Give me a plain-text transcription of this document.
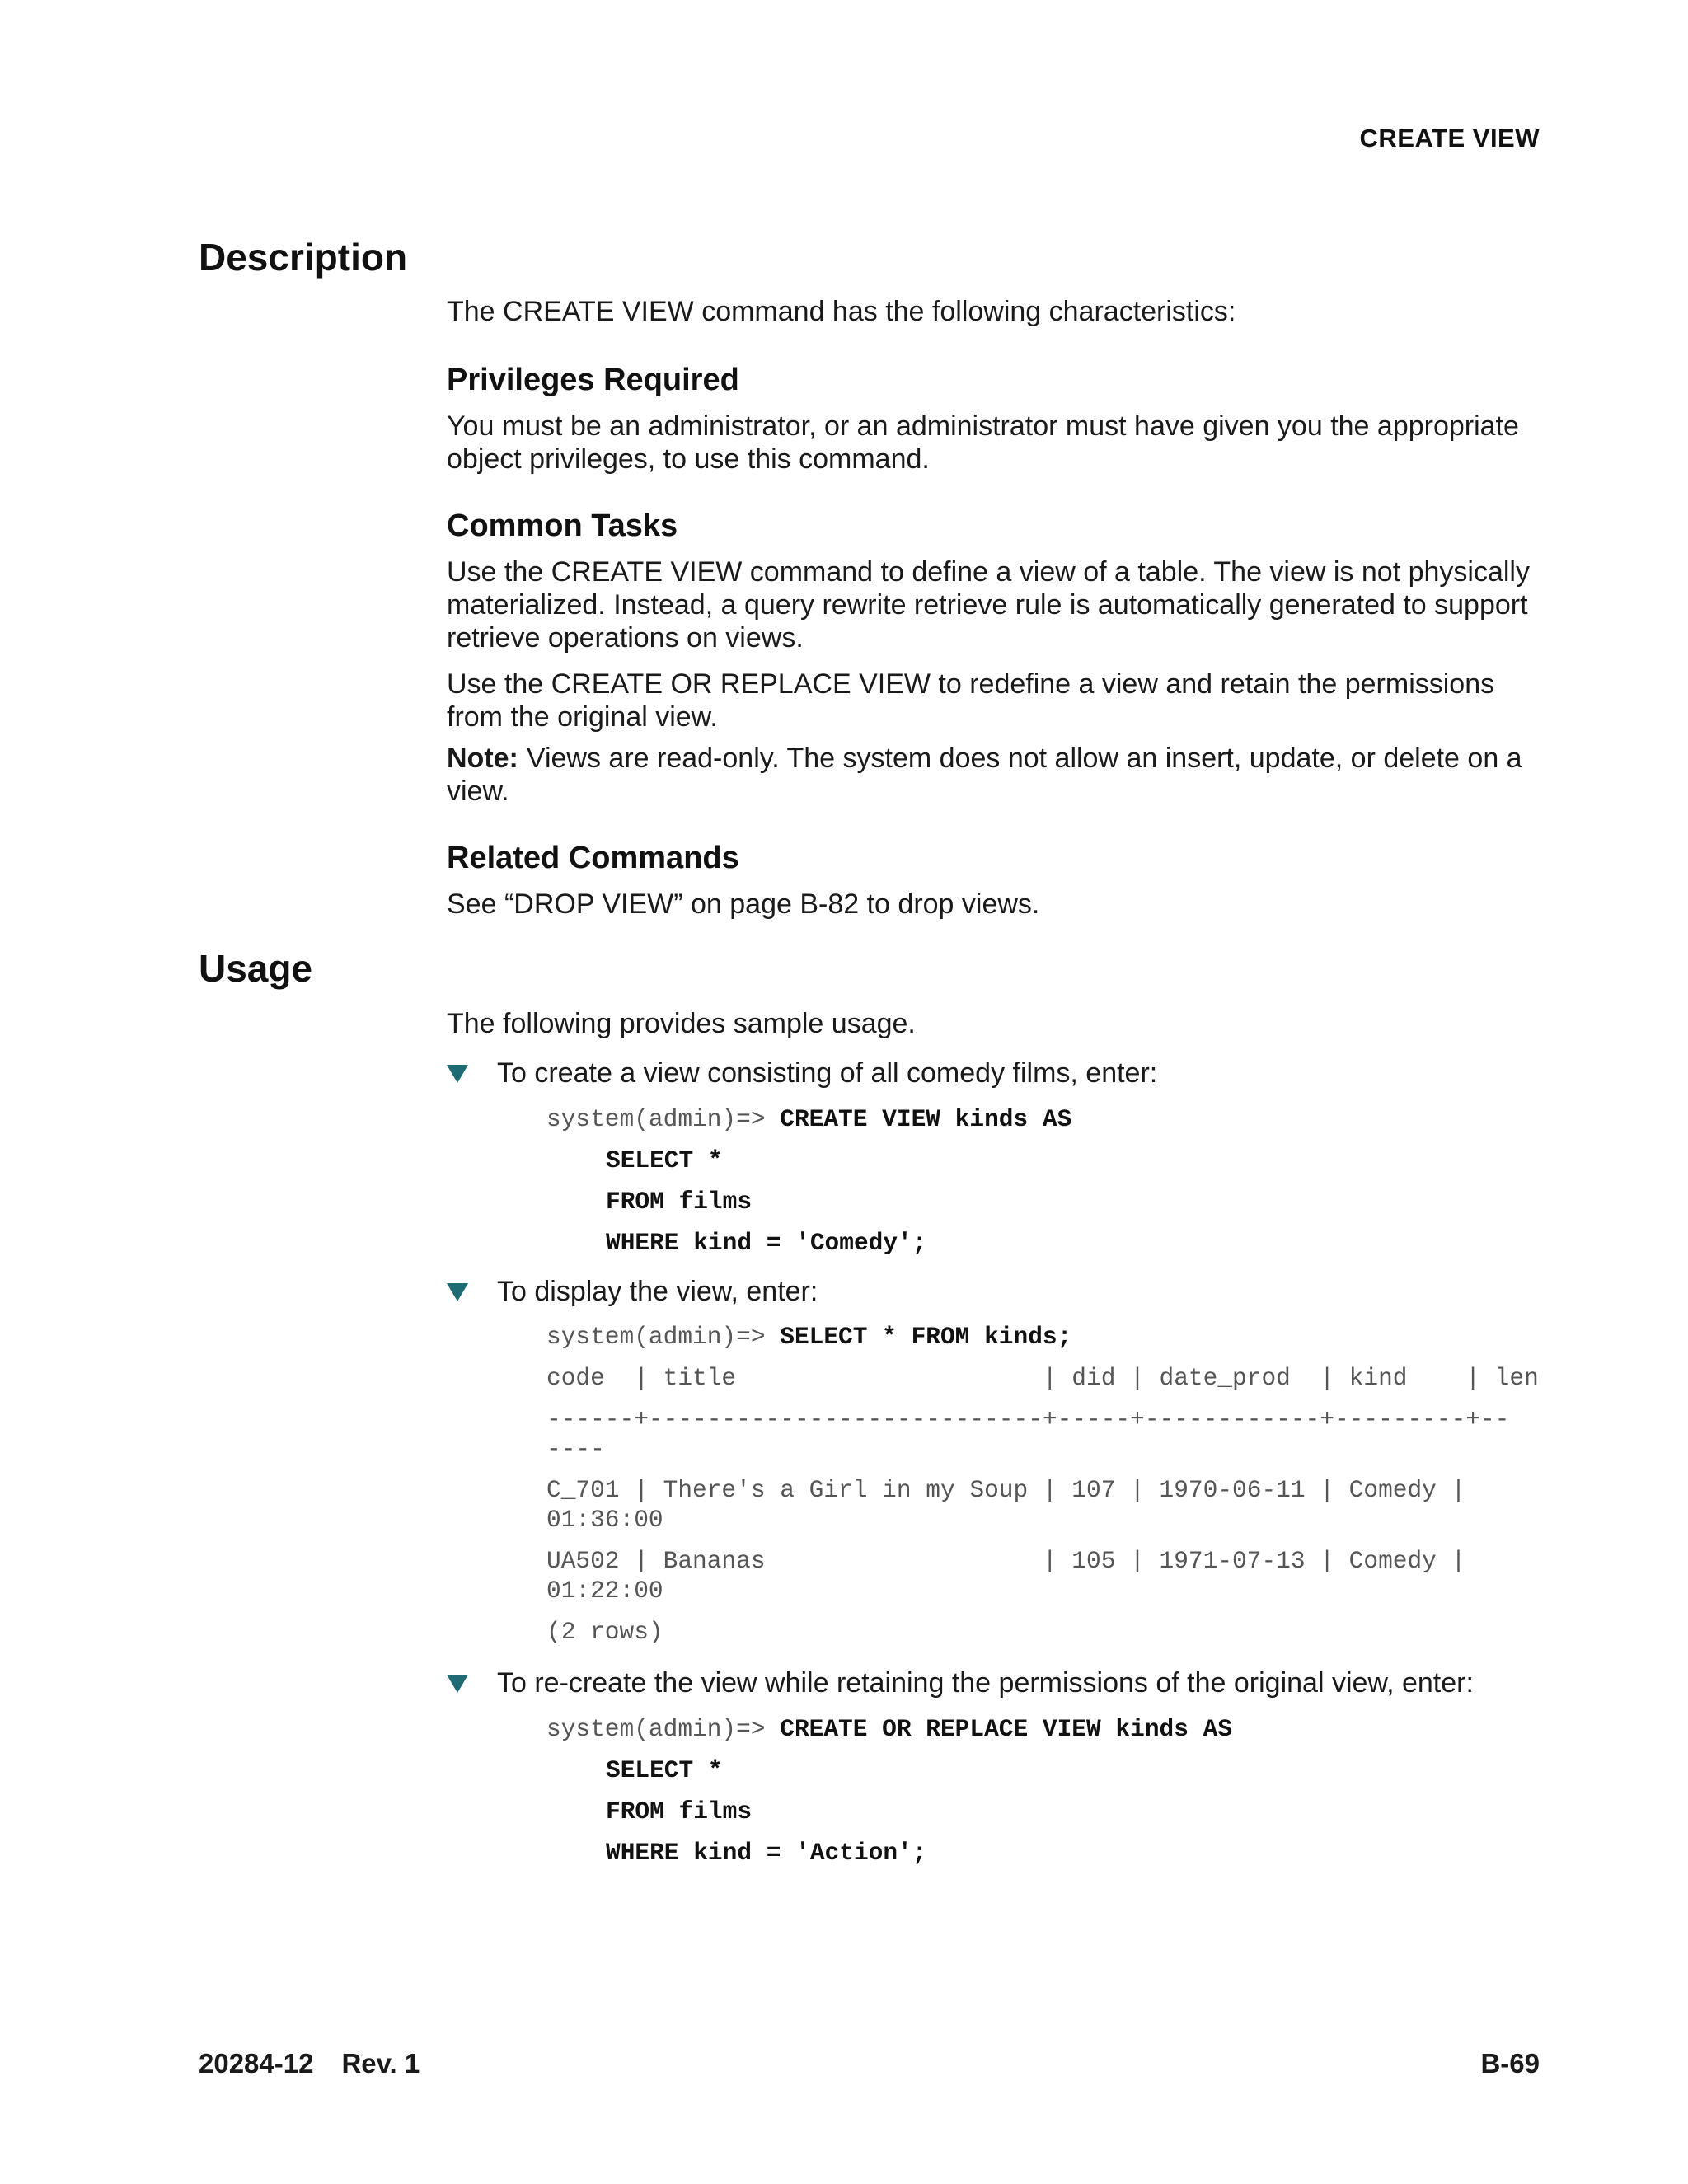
CREATE VIEW
Description

The CREATE VIEW command has the following characteristics:

Privileges Required

You must be an administrator, or an administrator must have given you the appropriate object privileges, to use this command.

Common Tasks

Use the CREATE VIEW command to define a view of a table. The view is not physically materialized. Instead, a query rewrite retrieve rule is automatically generated to support retrieve operations on views.

Use the CREATE OR REPLACE VIEW to redefine a view and retain the permissions from the original view.

Note: Views are read-only. The system does not allow an insert, update, or delete on a view.

Related Commands

See “DROP VIEW” on page B-82 to drop views.

Usage

The following provides sample usage.

To create a view consisting of all comedy films, enter:
system(admin)=> CREATE VIEW kinds AS
SELECT *
FROM films
WHERE kind = 'Comedy';
To display the view, enter:
system(admin)=> SELECT * FROM kinds;
code  | title                     | did | date_prod  | kind    | len
------+---------------------------+-----+------------+---------+--
----
C_701 | There's a Girl in my Soup | 107 | 1970-06-11 | Comedy |
01:36:00
UA502 | Bananas                   | 105 | 1971-07-13 | Comedy |
01:22:00
(2 rows)
To re-create the view while retaining the permissions of the original view, enter:
system(admin)=> CREATE OR REPLACE VIEW kinds AS
SELECT *
FROM films
WHERE kind = 'Action';
20284-12 Rev. 1	B-69
